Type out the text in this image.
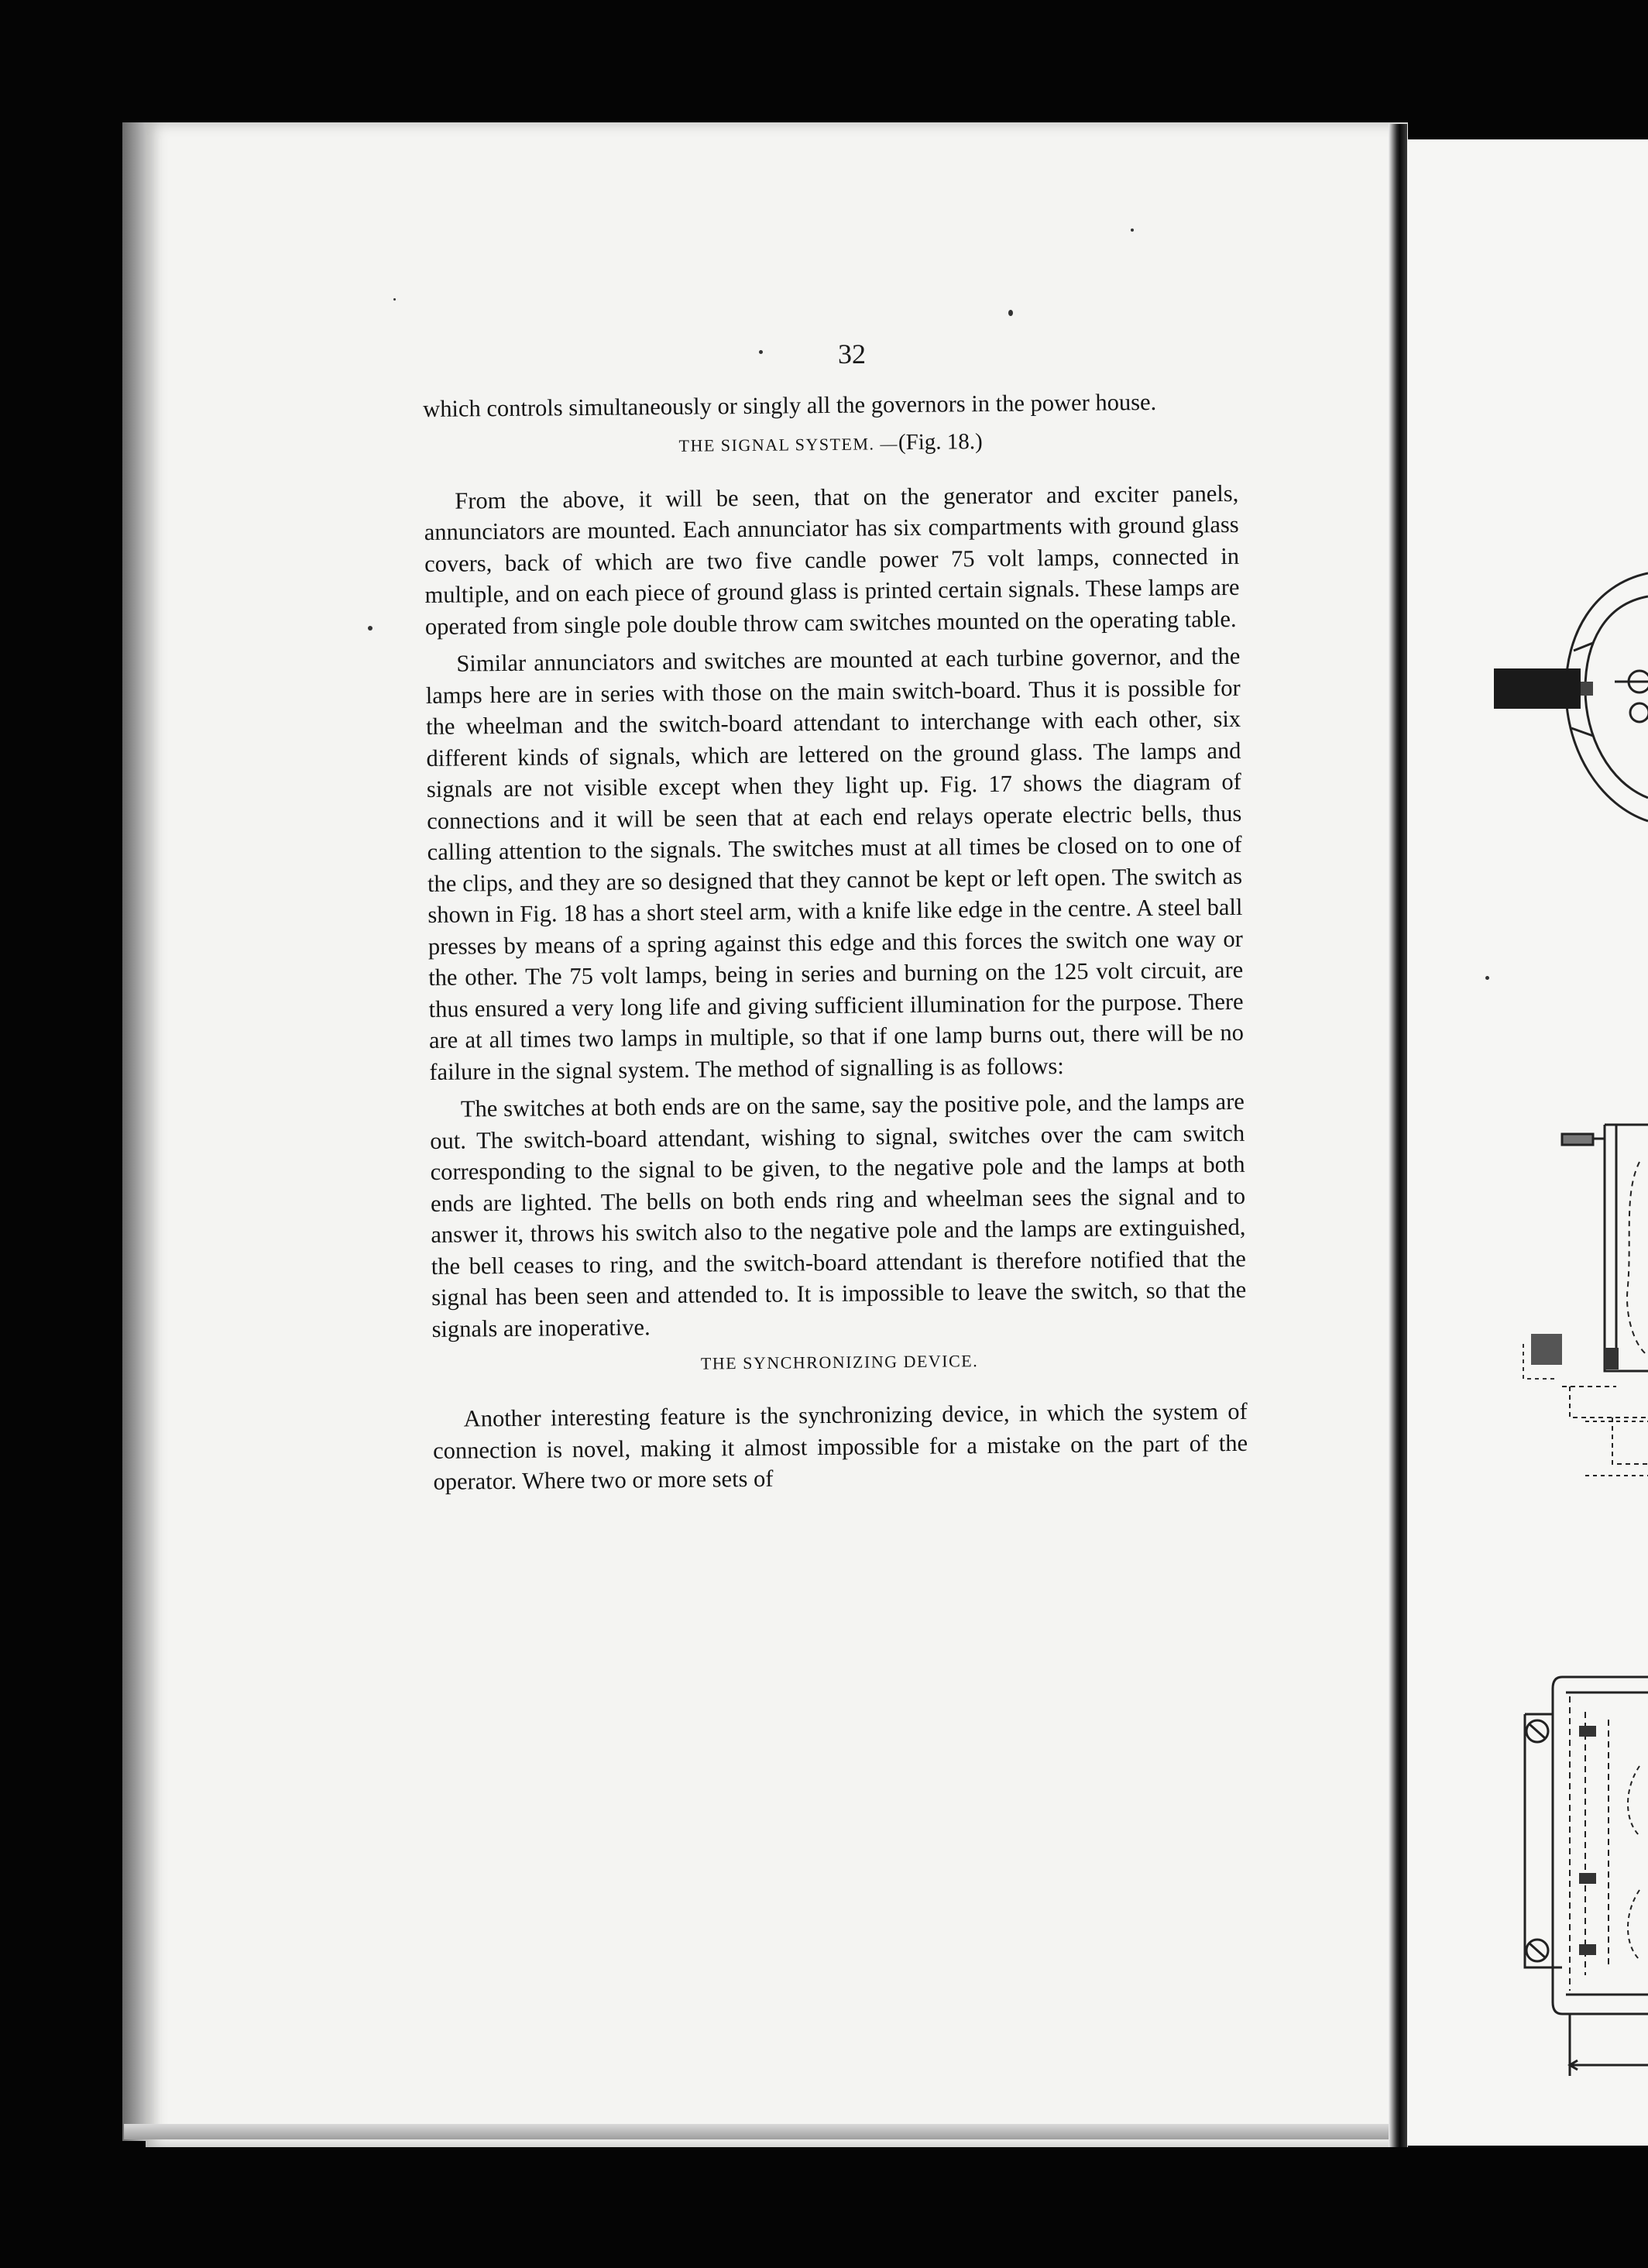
32

which controls simultaneously or singly all the governors in the power house.

THE SIGNAL SYSTEM. —(Fig. 18.)

From the above, it will be seen, that on the generator and exciter panels, annunciators are mounted. Each annunciator has six compartments with ground glass covers, back of which are two five candle power 75 volt lamps, connected in multiple, and on each piece of ground glass is printed certain signals. These lamps are operated from single pole double throw cam switches mounted on the operating table.

Similar annunciators and switches are mounted at each turbine governor, and the lamps here are in series with those on the main switch-board. Thus it is possible for the wheelman and the switch-board attendant to interchange with each other, six different kinds of signals, which are lettered on the ground glass. The lamps and signals are not visible except when they light up. Fig. 17 shows the diagram of connections and it will be seen that at each end relays operate electric bells, thus calling attention to the signals. The switches must at all times be closed on to one of the clips, and they are so designed that they cannot be kept or left open. The switch as shown in Fig. 18 has a short steel arm, with a knife like edge in the centre. A steel ball presses by means of a spring against this edge and this forces the switch one way or the other. The 75 volt lamps, being in series and burning on the 125 volt circuit, are thus ensured a very long life and giving sufficient illumination for the purpose. There are at all times two lamps in multiple, so that if one lamp burns out, there will be no failure in the signal system. The method of signalling is as follows:

The switches at both ends are on the same, say the positive pole, and the lamps are out. The switch-board attendant, wishing to signal, switches over the cam switch corresponding to the signal to be given, to the negative pole and the lamps at both ends are lighted. The bells on both ends ring and wheelman sees the signal and to answer it, throws his switch also to the negative pole and the lamps are extinguished, the bell ceases to ring, and the switch-board attendant is therefore notified that the signal has been seen and attended to. It is impossible to leave the switch, so that the signals are inoperative.

THE SYNCHRONIZING DEVICE.

Another interesting feature is the synchronizing device, in which the system of connection is novel, making it almost impossible for a mistake on the part of the operator. Where two or more sets of
